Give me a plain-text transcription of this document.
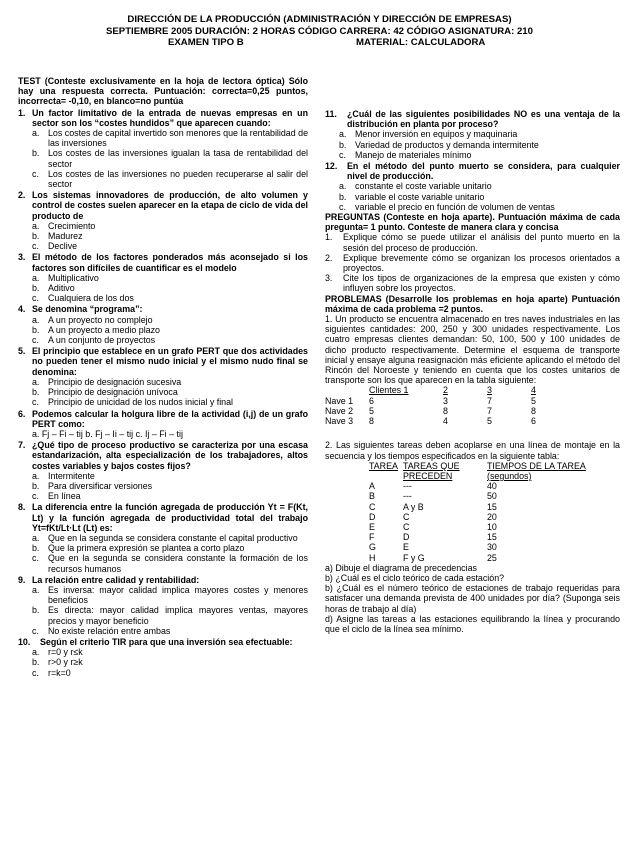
DIRECCIÓN DE LA PRODUCCIÓN (ADMINISTRACIÓN Y DIRECCIÓN DE EMPRESAS)
SEPTIEMBRE 2005 DURACIÓN: 2 HORAS CÓDIGO CARRERA: 42 CÓDIGO ASIGNATURA: 210
EXAMEN TIPO B	MATERIAL: CALCULADORA
TEST (Conteste exclusivamente en la hoja de lectora óptica) Sólo hay una respuesta correcta. Puntuación: correcta=0,25 puntos, incorrecta= -0,10, en blanco=no puntúa
1. Un factor limitativo de la entrada de nuevas empresas en un sector son los “costes hundidos” que aparecen cuando:
a. Los costes de capital invertido son menores que la rentabilidad de las inversiones
b. Los costes de las inversiones igualan la tasa de rentabilidad del sector
c.	Los costes de las inversiones no pueden recuperarse al salir del sector
2. Los sistemas innovadores de producción, de alto volumen y control de costes suelen aparecer en la etapa de ciclo de vida del producto de
a. Crecimiento
b. Madurez
c.	Declive
3. El método de los factores ponderados más aconsejado si los factores son difíciles de cuantificar es el modelo
a. Multiplicativo
b. Aditivo
c.	Cualquiera de los dos
4. Se denomina “programa”:
a. A un proyecto no complejo
b. A un proyecto a medio plazo
c.	A un conjunto de proyectos
5. El principio que establece en un grafo PERT que dos actividades no pueden tener el mismo nudo inicial y el mismo nudo final se denomina:
a. Principio de designación sucesiva
b. Principio de designación unívoca
c.	Principio de unicidad de los nudos inicial y final
6. Podemos calcular la holgura libre de la actividad (i,j) de un grafo PERT como:
a. Fj – Fi – tij b. Fj – Ii – tij c. Ij – Fi – tij
7. ¿Qué tipo de proceso productivo se caracteriza por una escasa estandarización, alta especialización de los trabajadores, altos costes variables y bajos costes fijos?
a. Intermitente
b. Para diversificar versiones
c.	En línea
8. La diferencia entre la función agregada de producción Yt = F(Kt, Lt) y la función agregada de productividad total del trabajo Yt=fKt/Lt·Lt (Lt) es:
a. Que en la segunda se considera constante el capital productivo
b. Que la primera expresión se plantea a corto plazo
c.	Que en la segunda se considera constante la formación de los recursos humanos
9. La relación entre calidad y rentabilidad:
a. Es inversa: mayor calidad implica mayores costes y menores beneficios
b. Es directa: mayor calidad implica mayores ventas, mayores precios y mayor beneficio
c.	No existe relación entre ambas
10.	Según el criterio TIR para que una inversión sea efectuable:
a. r=0 y r≤k
b. r>0 y r≥k
c.	r=k=0
11.	¿Cuál de las siguientes posibilidades NO es una ventaja de la distribución en planta por proceso?
a. Menor inversión en equipos y maquinaria
b. Variedad de productos y demanda intermitente
c.	Manejo de materiales mínimo
12.	En el método del punto muerto se considera, para cualquier nivel de producción.
a. constante el coste variable unitario
b. variable el coste variable unitario
c.	variable el precio en función de volumen de ventas
PREGUNTAS (Conteste en hoja aparte). Puntuación máxima de cada pregunta= 1 punto. Conteste de manera clara y concisa
1.	Explique cómo se puede utilizar el análisis del punto muerto en la sesión del proceso de producción.
2.	Explique brevemente cómo se organizan los procesos orientados a proyectos.
3.	Cite los tipos de organizaciones de la empresa que existen y cómo influyen sobre los proyectos.
PROBLEMAS (Desarrolle los problemas en hoja aparte) Puntuación máxima de cada problema =2 puntos.
1. Un producto se encuentra almacenado en tres naves industriales en las siguientes cantidades: 200, 250 y 300 unidades respectivamente. Los cuatro empresas clientes demandan: 50, 100, 500 y 100 unidades de dicho producto respectivamente. Determine el esquema de transporte inicial y ensaye alguna reasignación más eficiente aplicando el método del Rincón del Noroeste y teniendo en cuenta que los costes unitarios de transporte son los que aparecen en la tabla siguiente:
	Clientes 1	2	3	4
Nave 1	6	3	7	5
Nave 2	5	8	7	8
Nave 3	8	4	5	6
2. Las siguientes tareas deben acoplarse en una línea de montaje en la secuencia y los tiempos especificados en la siguiente tabla:
TAREA	TAREAS QUE PRECEDEN	TIEMPOS DE LA TAREA (segundos)
A	---	40
B	---	50
C	A y B	15
D	C	20
E	C	10
F	D	15
G	E	30
H	F y G	25
a) Dibuje el diagrama de precedencias
b) ¿Cuál es el ciclo teórico de cada estación?
b) ¿Cuál es el número teórico de estaciones de trabajo requeridas para satisfacer una demanda prevista de 400 unidades por día? (Suponga seis horas de trabajo al día)
d) Asigne las tareas a las estaciones equilibrando la línea y procurando que el ciclo de la línea sea mínimo.
